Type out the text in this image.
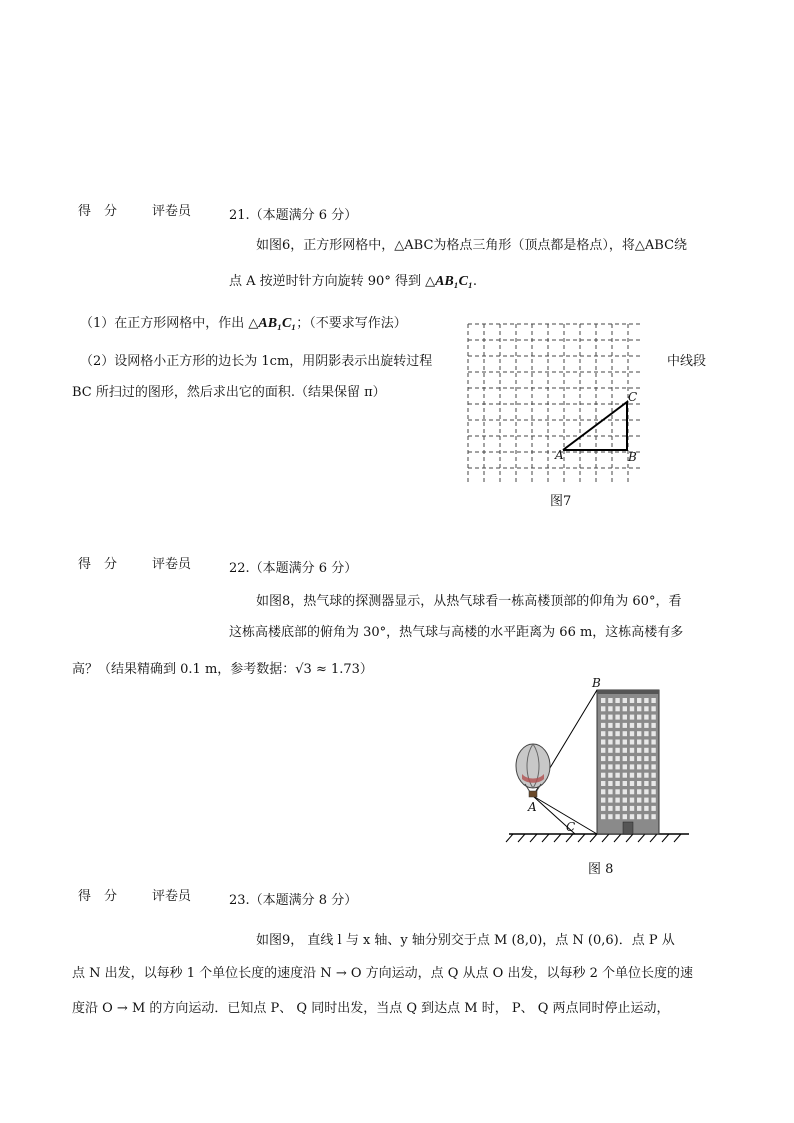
得　分	评卷员	21.（本题满分 6 分）
如图6，正方形网格中，△ABC为格点三角形（顶点都是格点），将△ABC绕
点 A 按逆时针方向旋转 90° 得到 △AB₁C₁.
（1）在正方形网格中，作出 △AB₁C₁；（不要求写作法）
（2）设网格小正方形的边长为 1cm，用阴影表示出旋转过程	中线段
BC 所扫过的图形，然后求出它的面积.（结果保留 π）
A	B
C
图7
得　分	评卷员	22.（本题满分 6 分）
如图8，热气球的探测器显示，从热气球看一栋高楼顶部的仰角为 60°，看
这栋高楼底部的俯角为 30°，热气球与高楼的水平距离为 66 m，这栋高楼有多
高？（结果精确到 0.1 m，参考数据：√3 ≈ 1.73）
B
A
C
图 8
得　分	评卷员	23.（本题满分 8 分）
如图9， 直线 l 与 x 轴、y 轴分别交于点 M (8,0)，点 N (0,6)．点 P 从
点 N 出发，以每秒 1 个单位长度的速度沿 N → O 方向运动，点 Q 从点 O 出发，以每秒 2 个单位长度的速
度沿 O → M 的方向运动．已知点 P、 Q 同时出发，当点 Q 到达点 M 时， P、 Q 两点同时停止运动，
